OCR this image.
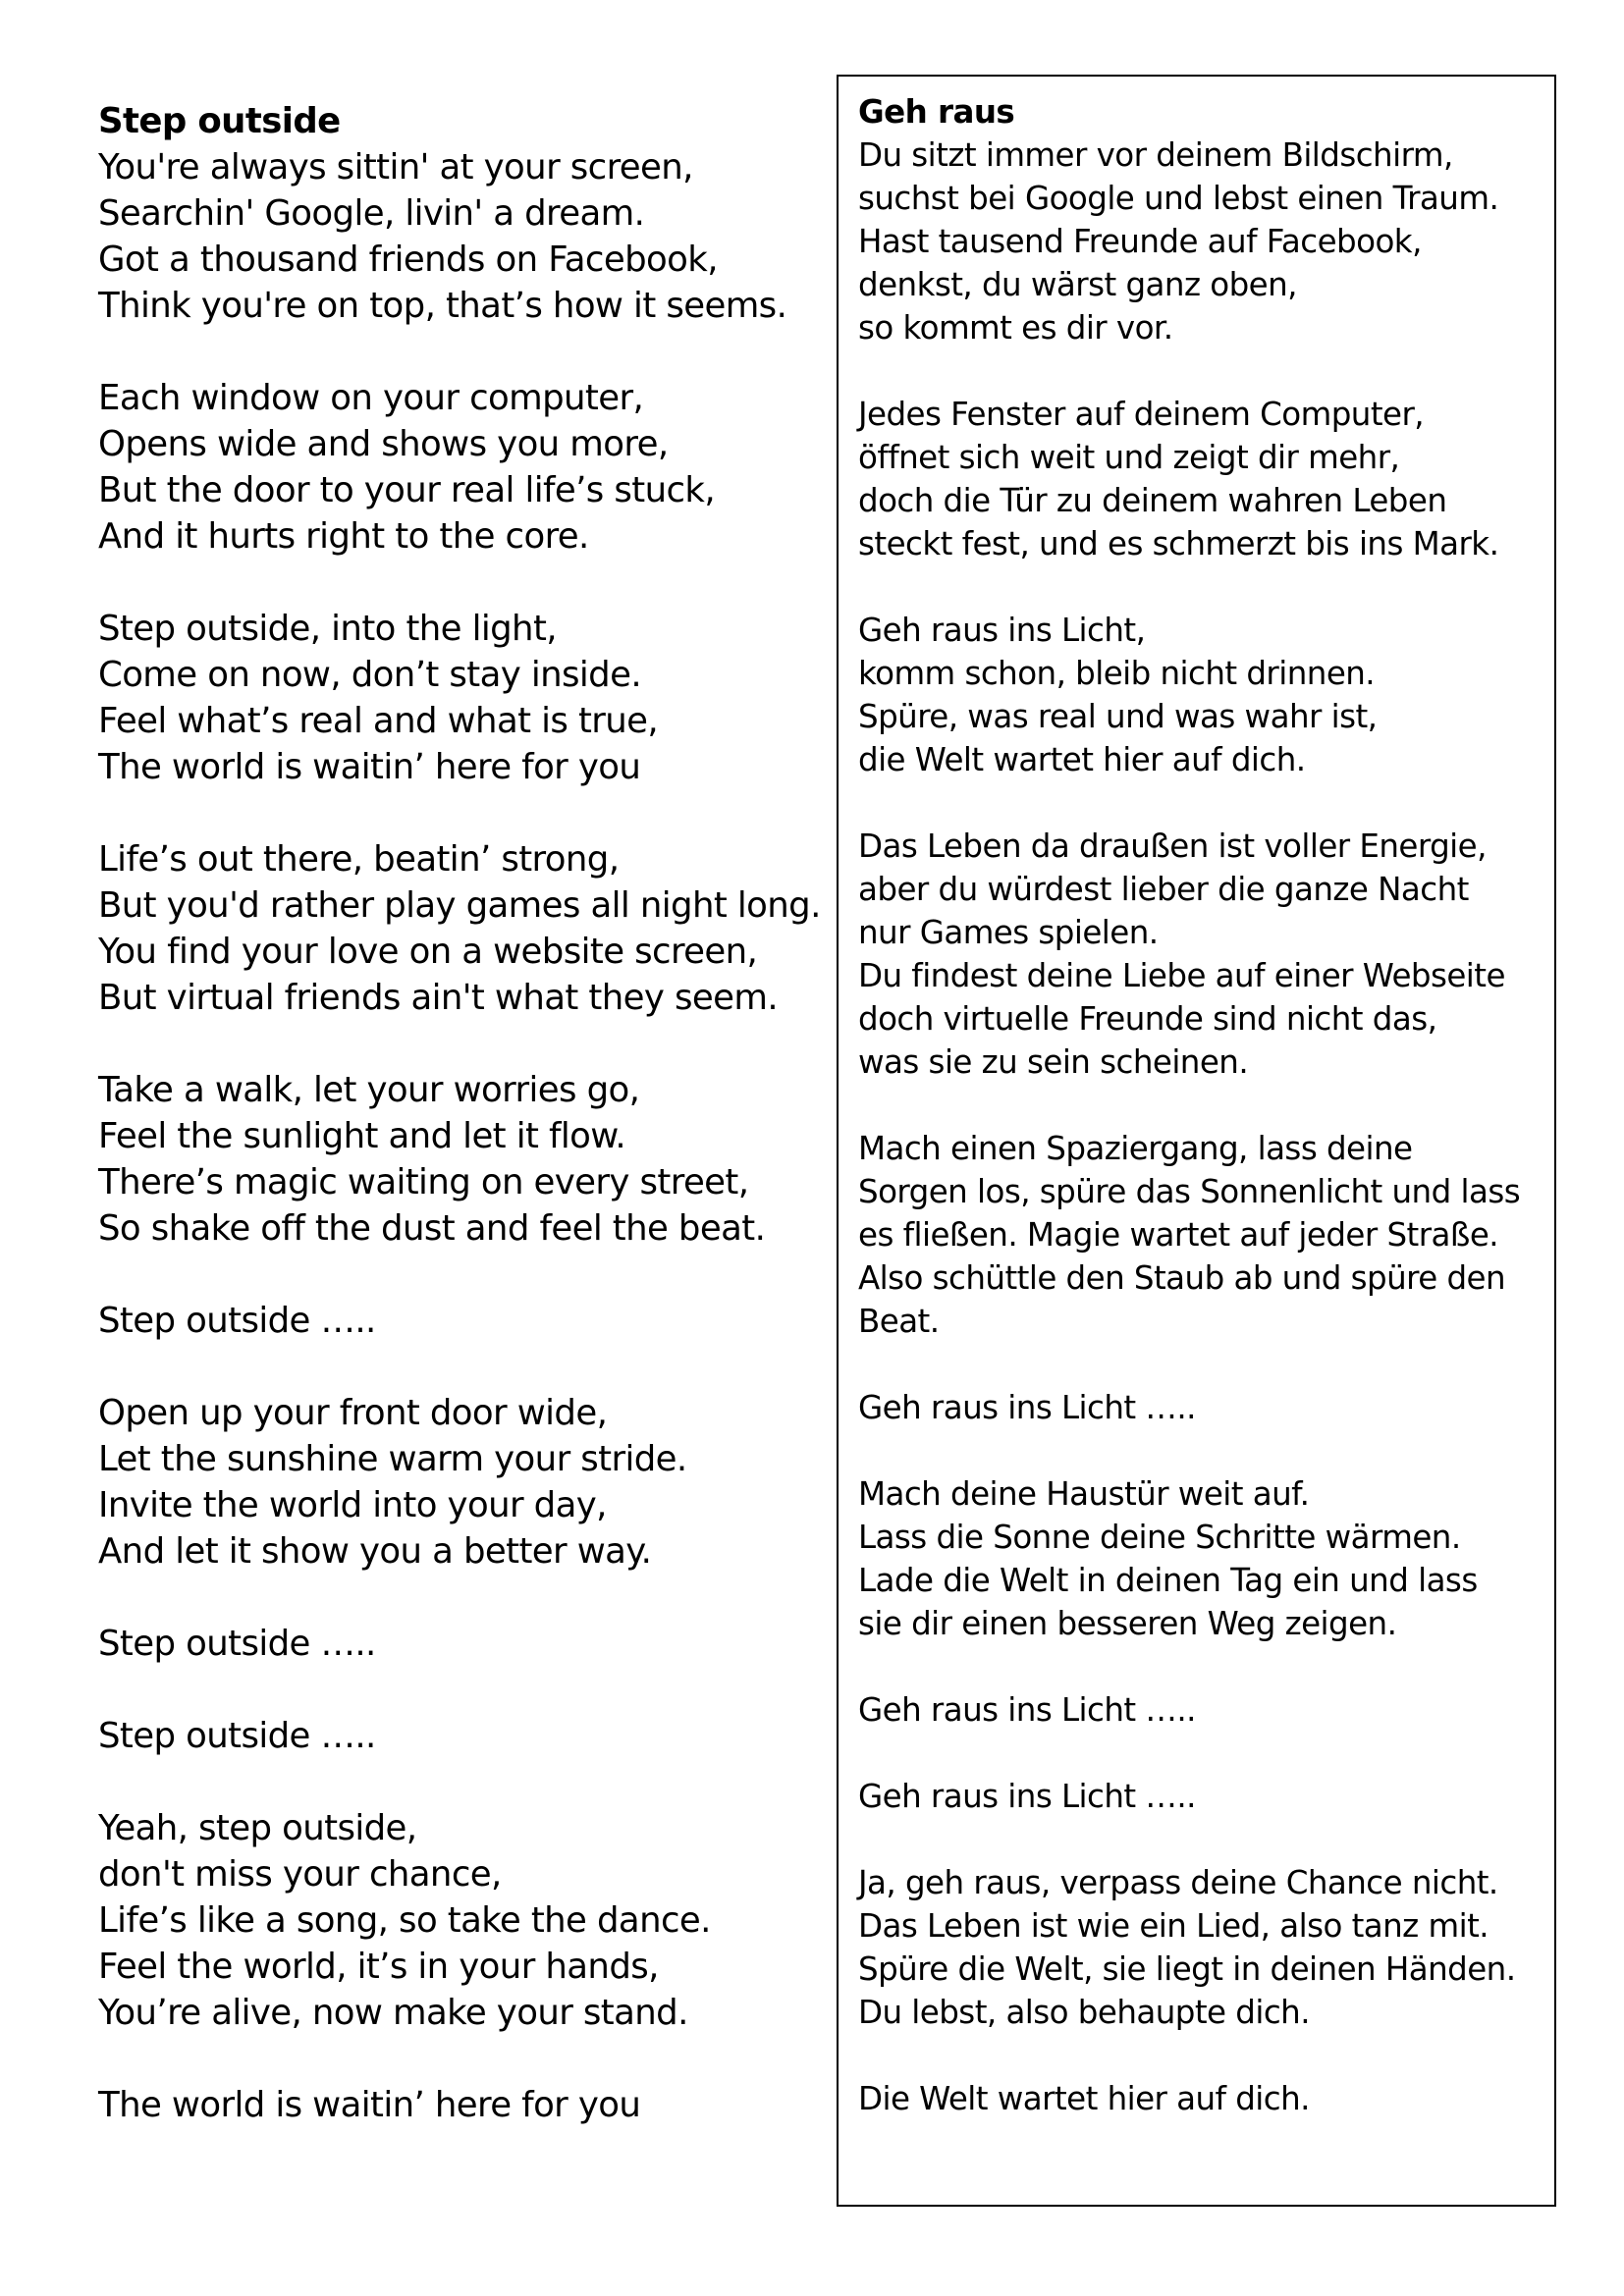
Step outside
You're always sittin' at your screen,
Searchin' Google, livin' a dream.
Got a thousand friends on Facebook,
Think you're on top, that’s how it seems.
Each window on your computer,
Opens wide and shows you more,
But the door to your real life’s stuck,
And it hurts right to the core.
Step outside, into the light,
Come on now, don’t stay inside.
Feel what’s real and what is true,
The world is waitin’ here for you
Life’s out there, beatin’ strong,
But you'd rather play games all night long.
You find your love on a website screen,
But virtual friends ain't what they seem.
Take a walk, let your worries go,
Feel the sunlight and let it flow.
There’s magic waiting on every street,
So shake off the dust and feel the beat.
Step outside …..
Open up your front door wide,
Let the sunshine warm your stride.
Invite the world into your day,
And let it show you a better way.
Step outside …..
Step outside …..
Yeah, step outside,
don't miss your chance,
Life’s like a song, so take the dance.
Feel the world, it’s in your hands,
You’re alive, now make your stand.
The world is waitin’ here for you
Geh raus
Du sitzt immer vor deinem Bildschirm,
suchst bei Google und lebst einen Traum.
Hast tausend Freunde auf Facebook,
denkst, du wärst ganz oben,
so kommt es dir vor.
Jedes Fenster auf deinem Computer,
öffnet sich weit und zeigt dir mehr,
doch die Tür zu deinem wahren Leben
steckt fest, und es schmerzt bis ins Mark.
Geh raus ins Licht,
komm schon, bleib nicht drinnen.
Spüre, was real und was wahr ist,
die Welt wartet hier auf dich.
Das Leben da draußen ist voller Energie,
aber du würdest lieber die ganze Nacht
nur Games spielen.
Du findest deine Liebe auf einer Webseite
doch virtuelle Freunde sind nicht das,
was sie zu sein scheinen.
Mach einen Spaziergang, lass deine
Sorgen los, spüre das Sonnenlicht und lass
es fließen. Magie wartet auf jeder Straße.
Also schüttle den Staub ab und spüre den
Beat.
Geh raus ins Licht …..
Mach deine Haustür weit auf.
Lass die Sonne deine Schritte wärmen.
Lade die Welt in deinen Tag ein und lass
sie dir einen besseren Weg zeigen.
Geh raus ins Licht …..
Geh raus ins Licht …..
Ja, geh raus, verpass deine Chance nicht.
Das Leben ist wie ein Lied, also tanz mit.
Spüre die Welt, sie liegt in deinen Händen.
Du lebst, also behaupte dich.
Die Welt wartet hier auf dich.
